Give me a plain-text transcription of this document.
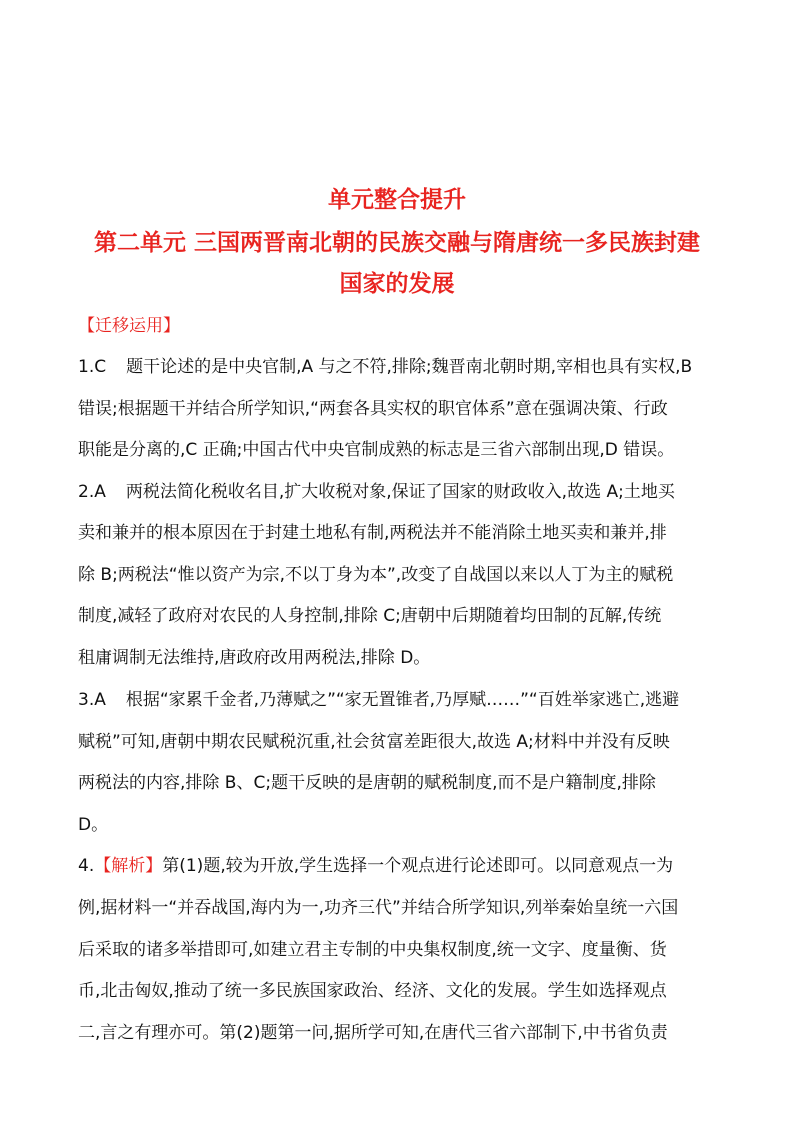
单元整合提升
第二单元 三国两晋南北朝的民族交融与隋唐统一多民族封建
国家的发展
【迁移运用】
1.C 题干论述的是中央官制,A 与之不符,排除;魏晋南北朝时期,宰相也具有实权,B
错误;根据题干并结合所学知识,“两套各具实权的职官体系”意在强调决策、行政
职能是分离的,C 正确;中国古代中央官制成熟的标志是三省六部制出现,D 错误。
2.A 两税法简化税收名目,扩大收税对象,保证了国家的财政收入,故选 A;土地买
卖和兼并的根本原因在于封建土地私有制,两税法并不能消除土地买卖和兼并,排
除 B;两税法“惟以资产为宗,不以丁身为本”,改变了自战国以来以人丁为主的赋税
制度,减轻了政府对农民的人身控制,排除 C;唐朝中后期随着均田制的瓦解,传统
租庸调制无法维持,唐政府改用两税法,排除 D。
3.A 根据“家累千金者,乃薄赋之”“家无置锥者,乃厚赋……”“百姓举家逃亡,逃避
赋税”可知,唐朝中期农民赋税沉重,社会贫富差距很大,故选 A;材料中并没有反映
两税法的内容,排除 B、C;题干反映的是唐朝的赋税制度,而不是户籍制度,排除
D。
4.【解析】第(1)题,较为开放,学生选择一个观点进行论述即可。以同意观点一为
例,据材料一“并吞战国,海内为一,功齐三代”并结合所学知识,列举秦始皇统一六国
后采取的诸多举措即可,如建立君主专制的中央集权制度,统一文字、度量衡、货
币,北击匈奴,推动了统一多民族国家政治、经济、文化的发展。学生如选择观点
二,言之有理亦可。第(2)题第一问,据所学可知,在唐代三省六部制下,中书省负责
